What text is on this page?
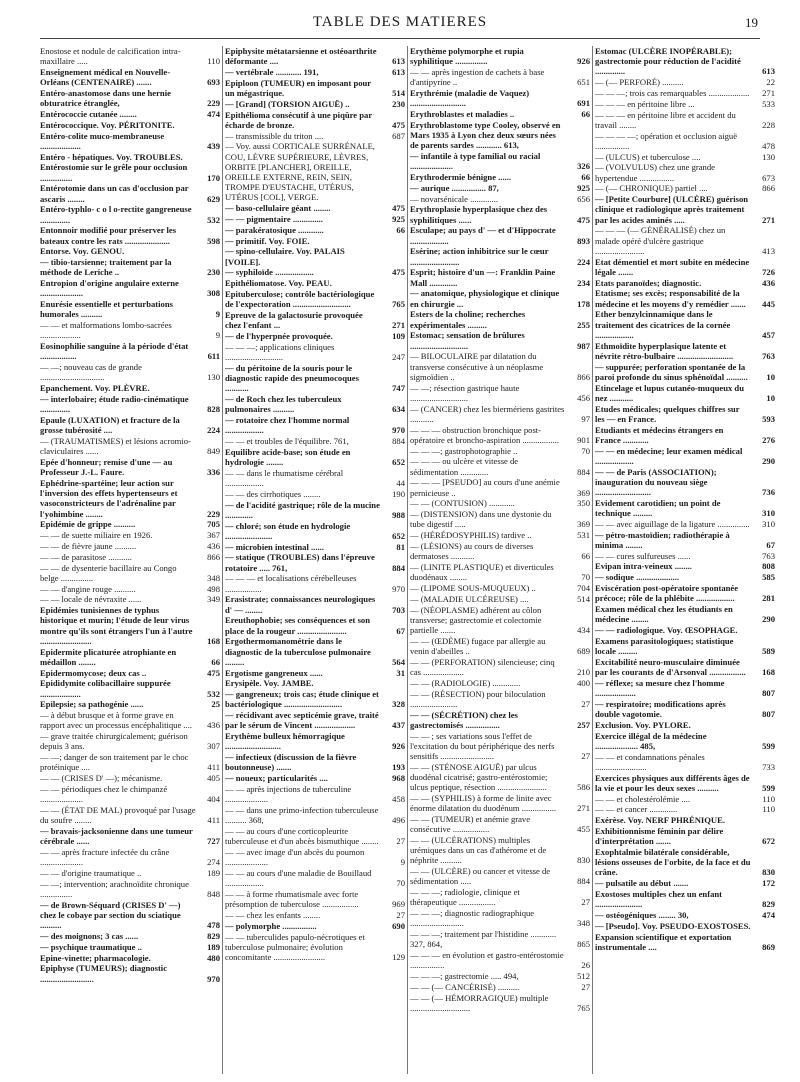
TABLE DES MATIERES	19
Enostose et nodule de calcification intra-maxillaire .....	110
Enseignement médical en Nouvelle-Orléans (CENTENAIRE) .......	693
Entéro-anastomose dans une hernie obturatrice étranglée,	229
Entérococcie cutanée ........	474
Entérococcique. Voy. PÉRITONITE.
Entéro-colite muco-membraneuse ...................	439
Entéro - hépatiques. Voy. TROUBLES.
Entérostomie sur le grêle pour occlusion ...............	170
Entérotomie dans un cas d'occlusion par ascaris ........	629
Entéro-typhlo- c o l o-rectite gangreneuse ..............	532
Entonnoir modifié pour préserver les bateaux contre les rats .....................	598
Entorse. Voy. GENOU.
— tibio-tarsienne; traitement par la méthode de Leriche ..	230
Entropion d'origine angulaire externe ....................	308
Enurésie essentielle et perturbations humorales ..........	9
— — et malformations lombo-sacrées ...................	9
Eosinophilie sanguine à la période d'état .................	611
— —; nouveau cas de grande ..............................	130
Epanchement. Voy. PLÈVRE.
— interlobaire; étude radio-cinématique ..............	828
Epaule (LUXATION) et fracture de la grosse tubérosité ....	224
— (TRAUMATISMES) et lésions acromio-claviculaires ......	849
Epée d'honneur; remise d'une — au Professeur J.-L. Faure.	336
Ephédrine-spartéine; leur action sur l'inversion des effets hypertenseurs et vasoconstricteurs de l'adrénaline par l'yohimbine ........	229
Epidémie de grippe ..........	705
— — de suette miliaire en 1926.	367
— — de fièvre jaune ..........	436
— — de parasitose ...........	866
— — de dysenterie bacillaire au Congo belge ...............	348
— — d'angine rouge ..........	498
— — locale de névraxite ......	349
Epidémies tunisiennes de typhus historique et murin; l'étude de leur virus montre qu'ils sont étrangers l'un à l'autre ........................	168
Epidermite plicaturée atrophiante en médaillon ........	66
Epidermomycose; deux cas ..	475
Epididymite colibacillaire suppurée ...................	532
Epilepsie; sa pathogénie ......	25
— à début brusque et à forme grave en rapport avec un processus encéphalitique ....	436
— grave traitée chirurgicalement; guérison depuis 3 ans.	307
— —; danger de son traitement par le choc protéinique ....	411
— — (CRISES D' —); mécanisme.	405
— — périodiques chez le chimpanzé ....................	404
— — (ÉTAT DE MAL) provoqué par l'usage du soufre ........	411
— bravais-jacksonienne dans une tumeur cérébrale ......	727
— — après fracture infectée du crâne ....................	274
— — d'origine traumatique ..	189
— —; intervention; arachnoïdite chronique ...............	848
— de Brown-Séquard (CRISES D' —) chez le cobaye par section du sciatique ..........	478
— des moignons; 3 cas ......	829
— psychique traumatique ..	189
Epine-vinette; pharmacologie.	480
Epiphyse (TUMEURS); diagnostic .........................	970
Epiphysite métatarsienne et ostéoarthrite déformante ....	613
— vertébrale ............ 191,	613
Epiploon (TUMEUR) en imposant pour un mégastrique.	514
— [Grand] (TORSION AIGUË) ..	230
Epithélioma consécutif à une piqûre par écharde de bronze.	475
— transmissible du triton ....	687
— Voy. aussi CORTICALE SURRÉNALE, COU, LÈVRE SUPÉRIEURE, LÈVRES, ORBITE [PLANCHER], OREILLE, OREILLE EXTERNE, REIN, SEIN, TROMPE D'EUSTACHE, UTÉRUS, UTÉRUS [COL], VERGE.
— baso-cellulaire géant ........	475
— — pigmentaire ..............	925
— parakératosique ............	66
— primitif. Voy. FOIE.
— spino-cellulaire. Voy. PALAIS [VOILE].
— syphiloïde ..................	475
Epithéliomatose. Voy. PEAU.
Epituberculose; contrôle bactériologique de l'expectoration ...........................	765
Epreuve de la galactosurie provoquée chez l'enfant ...	271
— de l'hyperpnée provoquée.	109
— — —; applications cliniques ...........................	247
— du péritoine de la souris pour le diagnostic rapide des pneumocoques ...........	747
— de Roch chez les tuberculeux pulmonaires ..........	634
— rotatoire chez l'homme normal ..................	970
— — et troubles de l'équilibre. 761,	884
Equilibre acide-base; son étude en hydrologie ........	652
— — dans le rhumatisme cérébral ..................	44
— — des cirrhotiques ........	190
— de l'acidité gastrique; rôle de la mucine .............	988
— chloré; son étude en hydrologie ......................	652
— microbien intestinal ......	81
— statique (TROUBLES) dans l'épreuve rotatoire ..... 761,	884
— — — et localisations cérébelleuses .................	970
Erasistrate; connaissances neurologiques d' — ........	703
Ereuthophobie; ses conséquences et son place de la rougeur .......................	67
Ergothermomanométrie dans le diagnostic de la tuberculose pulmonaire .........	564
Ergotisme gangreneux ......	31
Erysipèle. Voy. JAMBE.
— gangreneux; trois cas; étude clinique et bactériologique ...........................	328
— récidivant avec septicémie grave, traité par le sérum de Vincent ...................	437
Erythème bulleux hémorragique ..........................	926
— infectieux (discussion de la fièvre boutonneuse) .......	193
— noueux; particularités ....	968
— — après injections de tuberculine ....................	458
— — dans une primo-infection tuberculeuse .......... 368,	496
— — au cours d'une corticopleurite tuberculeuse et d'un abcès bismuthique ........	27
— — avec image d'un abcès du poumon ....................	9
— — au cours d'une maladie de Bouillaud ..................	70
— — à forme rhumatismale avec forte présomption de tuberculose .................	969
— — chez les enfants ........	27
— polymorphe ................	690
— — tuberculides papulo-nécrotiques et tuberculose pulmonaire; évolution concomitante ........................	129
Erythème polymorphe et rupia syphilitique ...............	926
— — après ingestion de cachets à base d'antipyrine ..	651
Erythrémie (maladie de Vaquez) ..........................	691
Erythroblastes et maladies ..	66
Erythroblastome type Cooley, observé en Mars 1935 à Lyon chez deux sœurs nées de parents sardes ............ 613,
— infantile à type familial ou racial ....................	326
Erythrodermie bénigne ......	66
— aurique ................ 87,	925
— novarsénicale .............	656
Erythroplasie hyperplasique chez des syphilitiques ......	475
Esculape; au pays d' — et d'Hippocrate ..................	893
Esérine; action inhibitrice sur le cœur .......................	224
Esprit; histoire d'un —: Franklin Paine Mall .............	234
— anatomique, physiologique et clinique en chirurgie ...	178
Esters de la choline; recherches expérimentales .........	255
Estomac; sensation de brûlures ...........................	987
— BILOCULAIRE par dilatation du transverse consécutive à un néoplasme sigmoïdien ..	866
— —; résection gastrique haute ...........................	456
— (CANCER) chez les biermériens gastrites ...........	97
— — — obstruction bronchique post-opératoire et broncho-aspiration .................	901
— — —; gastrophotographie ..	70
— — — ou ulcère et vitesse de sédimentation .............	884
— — — [PSEUDO] au cours d'une anémie pernicieuse ..	369
— — (CONTUSION) ............	350
— (DISTENSION) dans une dystonie du tube digestif .....	369
— (HÉRÉDOSYPHILIS) tardive ..	531
— (LÉSIONS) au cours de diverses dermatoses ...........	66
— (LINITE PLASTIQUE) et diverticules duodénaux ........	70
— (LIPOME SOUS-MUQUEUX) ..	704
— (MALADIE ULCÉREUSE) ....	514
— (NÉOPLASME) adhérent au côlon transverse; gastrectomie et colectomie partielle .......	434
— — (ŒDÈME) fugace par allergie au venin d'abeilles ..	689
— — (PERFORATION) silencieuse; cinq cas ...................	210
— — (RADIOLOGIE) .............	400
— — (RÉSECTION) pour biloculation ......................	27
— — (SÉCRÉTION) chez les gastrectomisés ................	257
— — ; ses variations sous l'effet de l'excitation du bout périphérique des nerfs sensitifs .........................	27
— — (STÉNOSE AIGUË) par ulcus duodénal cicatrisé; gastro-entérostomie; ulcus peptique, résection .......................	586
— — (SYPHILIS) à forme de linite avec énorme dilatation du duodénum ................	271
— — (TUMEUR) et anémie grave consécutive .................	455
— — (ULCÉRATIONS) multiples urémiques dans un cas d'athérome et de néphrite ..........	830
— — (ULCÈRE) ou cancer et vitesse de sédimentation .....	884
— — —; radiologie, clinique et thérapeutique .................	27
— — —; diagnostic radiographique .........................	348
— — —; traitement par l'histidine ............ 327, 864,	865
— — — en évolution et gastro-entérostomie ................	26
— — —; gastrectomie ..... 494,	512
— — (— CANCÉRISÉ) ..........	27
— — (— HÉMORRAGIQUE) multiple ............................	765
Estomac (ULCÈRE INOPÉRABLE); gastrectomie pour réduction de l'acidité ..............	613
— (— PERFORÉ) ..........	22
— — —; trois cas remarquables ...................	271
— — — en péritoine libre ...	533
— — — en péritoine libre et accident du travail ........	228
— — — —; opération et occlusion aiguë ................	478
— (ULCUS) et tuberculose ....	130
— (VOLVULUS) chez une grande hypertendue ................	673
— (— CHRONIQUE) partiel ....	866
— [Petite Courbure] (ULCÈRE) guérison clinique et radiologique après traitement par les acides aminés .....	271
— — — (— GÉNÉRALISÉ) chez un malade opéré d'ulcère gastrique .......................	413
Etat démentiel et mort subite en médecine légale .......	726
Etats paranoïdes; diagnostic.	436
Etatisme; ses excès; responsabilité de la médecine et les moyens d'y remédier .......	445
Ether benzylcinnamique dans le traitement des cicatrices de la cornée ..................	457
Ethmoïdite hyperplasique latente et névrite rétro-bulbaire ..........................	763
— suppurée; perforation spontanée de la paroi profonde du sinus sphénoïdal ..........	10
Etincelage et lupus cutanéo-muqueux du nez ...........	10
Etudes médicales; quelques chiffres sur les — en France.	593
Etudiants et médecins étrangers en France ............	276
— — en médecine; leur examen médical ..................	290
— — de Paris (ASSOCIATION); inauguration du nouveau siège ..........................	736
Evidement carotidien; un point de technique .........	310
— — avec aiguillage de la ligature ...............	310
— pétro-mastoïdien; radiothérapie à minima ........	67
— — cures sulfureuses ......	763
Evipan intra-veineux ........	808
— sodique ....................	585
Eviscération post-opératoire spontanée précoce; rôle de la phlébite ..................	281
Examen médical chez les étudiants en médecine ........	290
— — radiologique. Voy. ŒSOPHAGE.
Examens parasitologiques; statistique locale .........	589
Excitabilité neuro-musculaire diminuée par les courants de d'Arsonval .................	168
— réflexe; sa mesure chez l'homme ...................	807
— respiratoire; modifications après double vagotomie.	807
Exclusion. Voy. PYLORE.
Exercice illégal de la médecine .................... 485,	599
— — et condamnations pénales ........................	733
Exercices physiques aux différents âges de la vie et pour les deux sexes ..........	599
— — et cholestérolémie ....	110
— — et cancer .............	110
Exérèse. Voy. NERF PHRÉNIQUE.
Exhibitionnisme féminin par délire d'interprétation .......	672
Exophtalmie bilatérale considérable, lésions osseuses de l'orbite, de la face et du crâne.	830
— pulsatile au début .......	172
Exostoses multiples chez un enfant ......................	829
— ostéogéniques ........ 30,	474
— [Pseudo]. Voy. PSEUDO-EXOSTOSES.
Expansion scientifique et exportation instrumentale ....	869
